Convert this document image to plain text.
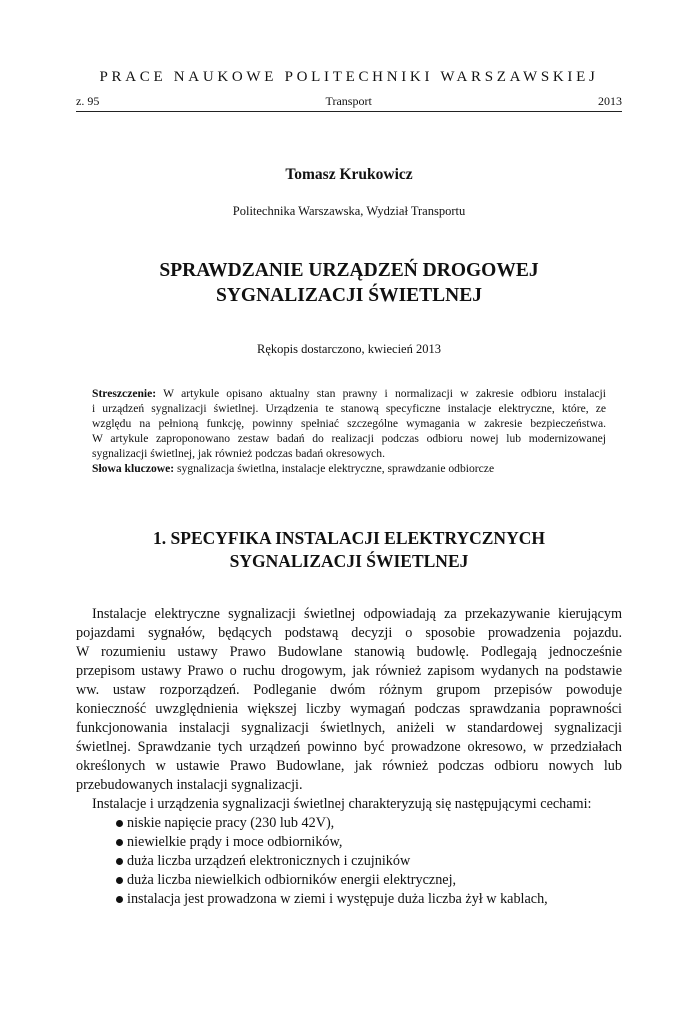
PRACE NAUKOWE POLITECHNIKI WARSZAWSKIEJ
z. 95	Transport	2013
Tomasz Krukowicz
Politechnika Warszawska, Wydział Transportu
SPRAWDZANIE URZĄDZEŃ DROGOWEJ
SYGNALIZACJI ŚWIETLNEJ
Rękopis dostarczono, kwiecień 2013
Streszczenie: W artykule opisano aktualny stan prawny i normalizacji w zakresie odbioru instalacji
i urządzeń sygnalizacji świetlnej. Urządzenia te stanową specyficzne instalacje elektryczne, które, ze
względu na pełnioną funkcję, powinny spełniać szczególne wymagania w zakresie bezpieczeństwa.
W artykule zaproponowano zestaw badań do realizacji podczas odbioru nowej lub modernizowanej
sygnalizacji świetlnej, jak również podczas badań okresowych.
Słowa kluczowe: sygnalizacja świetlna, instalacje elektryczne, sprawdzanie odbiorcze
1. SPECYFIKA INSTALACJI ELEKTRYCZNYCH
SYGNALIZACJI ŚWIETLNEJ
Instalacje elektryczne sygnalizacji świetlnej odpowiadają za przekazywanie kierującym
pojazdami sygnałów, będących podstawą decyzji o sposobie prowadzenia pojazdu.
W rozumieniu ustawy Prawo Budowlane stanowią budowlę. Podlegają jednocześnie
przepisom ustawy Prawo o ruchu drogowym, jak również zapisom wydanych na podstawie
ww. ustaw rozporządzeń. Podleganie dwóm różnym grupom przepisów powoduje
konieczność uwzględnienia większej liczby wymagań podczas sprawdzania poprawności
funkcjonowania instalacji sygnalizacji świetlnych, aniżeli w standardowej sygnalizacji
świetlnej. Sprawdzanie tych urządzeń powinno być prowadzone okresowo, w przedziałach
określonych w ustawie Prawo Budowlane, jak również podczas odbioru nowych lub
przebudowanych instalacji sygnalizacji.
Instalacje i urządzenia sygnalizacji świetlnej charakteryzują się następującymi cechami:
niskie napięcie pracy (230 lub 42V),
niewielkie prądy i moce odbiorników,
duża liczba urządzeń elektronicznych i czujników
duża liczba niewielkich odbiorników energii elektrycznej,
instalacja jest prowadzona w ziemi i występuje duża liczba żył w kablach,
